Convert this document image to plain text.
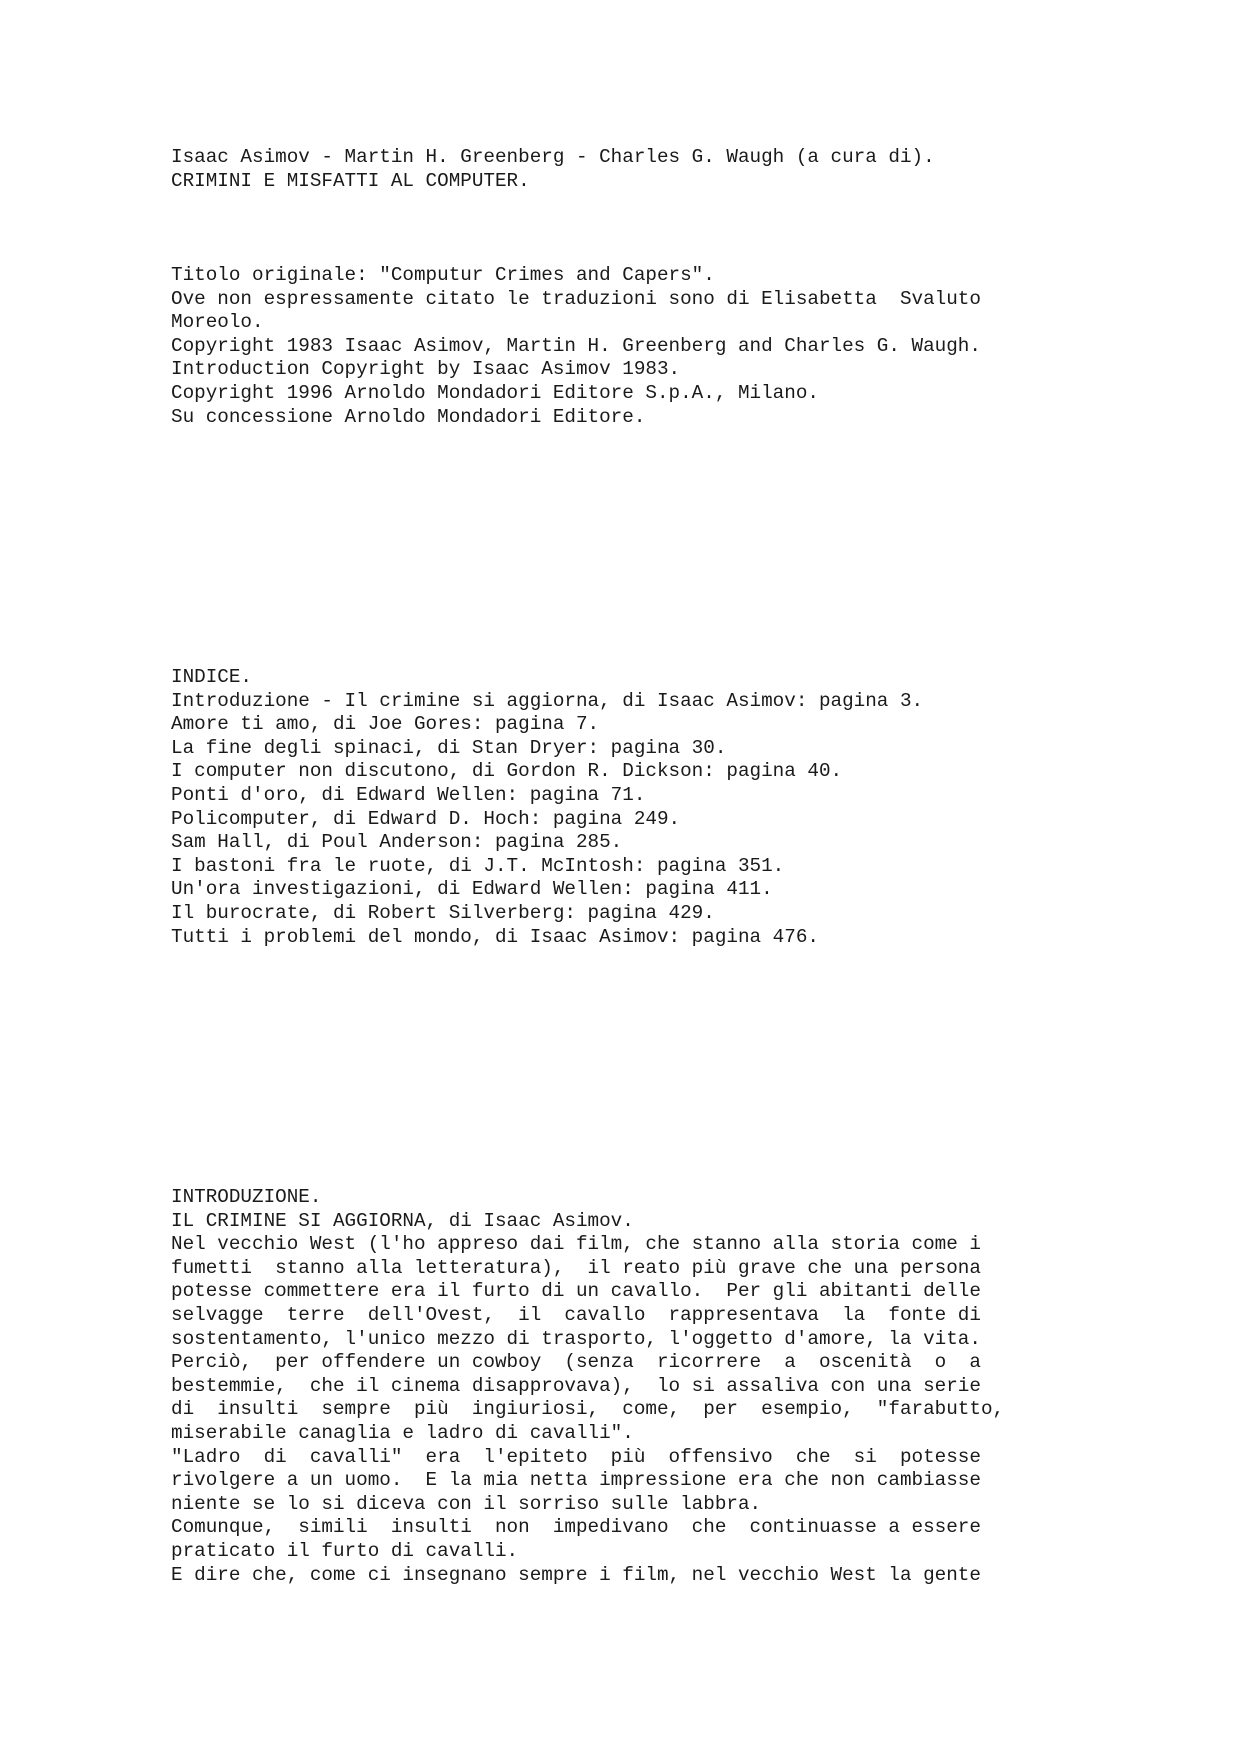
Isaac Asimov - Martin H. Greenberg - Charles G. Waugh (a cura di).
CRIMINI E MISFATTI AL COMPUTER.
Titolo originale: "Computur Crimes and Capers".
Ove non espressamente citato le traduzioni sono di Elisabetta  Svaluto
Moreolo.
Copyright 1983 Isaac Asimov, Martin H. Greenberg and Charles G. Waugh.
Introduction Copyright by Isaac Asimov 1983.
Copyright 1996 Arnoldo Mondadori Editore S.p.A., Milano.
Su concessione Arnoldo Mondadori Editore.
INDICE.
Introduzione - Il crimine si aggiorna, di Isaac Asimov: pagina 3.
Amore ti amo, di Joe Gores: pagina 7.
La fine degli spinaci, di Stan Dryer: pagina 30.
I computer non discutono, di Gordon R. Dickson: pagina 40.
Ponti d'oro, di Edward Wellen: pagina 71.
Policomputer, di Edward D. Hoch: pagina 249.
Sam Hall, di Poul Anderson: pagina 285.
I bastoni fra le ruote, di J.T. McIntosh: pagina 351.
Un'ora investigazioni, di Edward Wellen: pagina 411.
Il burocrate, di Robert Silverberg: pagina 429.
Tutti i problemi del mondo, di Isaac Asimov: pagina 476.
INTRODUZIONE.
IL CRIMINE SI AGGIORNA, di Isaac Asimov.
Nel vecchio West (l'ho appreso dai film, che stanno alla storia come i
fumetti  stanno alla letteratura),  il reato più grave che una persona
potesse commettere era il furto di un cavallo.  Per gli abitanti delle
selvagge  terre  dell'Ovest,  il  cavallo  rappresentava  la  fonte di
sostentamento, l'unico mezzo di trasporto, l'oggetto d'amore, la vita.
Perciò,  per offendere un cowboy  (senza  ricorrere  a  oscenità  o  a
bestemmie,  che il cinema disapprovava),  lo si assaliva con una serie
di  insulti  sempre  più  ingiuriosi,  come,  per  esempio,  "farabutto,
miserabile canaglia e ladro di cavalli".
"Ladro  di  cavalli"  era  l'epiteto  più  offensivo  che  si  potesse
rivolgere a un uomo.  E la mia netta impressione era che non cambiasse
niente se lo si diceva con il sorriso sulle labbra.
Comunque,  simili  insulti  non  impedivano  che  continuasse a essere
praticato il furto di cavalli.
E dire che, come ci insegnano sempre i film, nel vecchio West la gente
